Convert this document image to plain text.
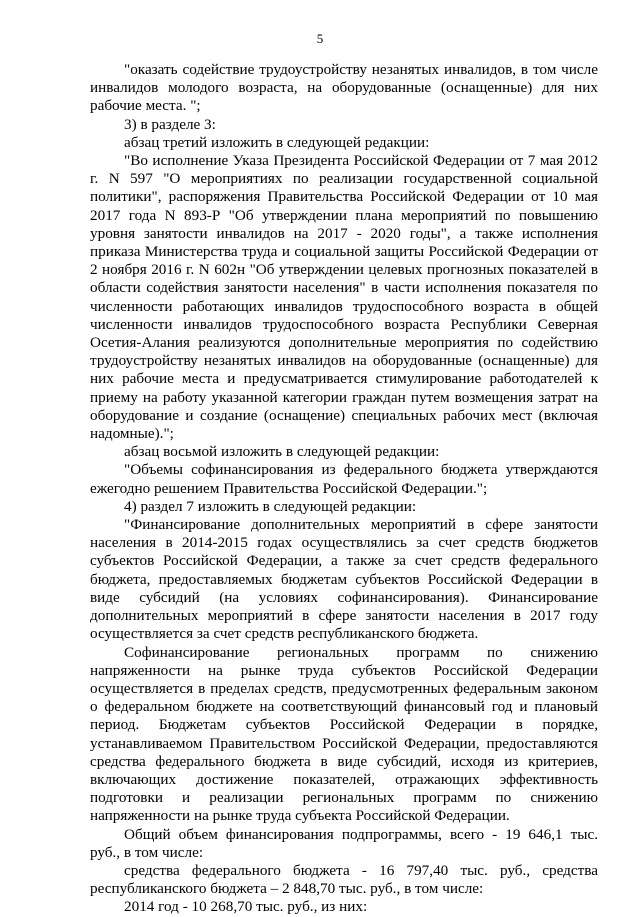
5

"оказать содействие трудоустройству незанятых инвалидов, в том числе инвалидов молодого возраста, на оборудованные (оснащенные) для них рабочие места. ";

3) в разделе 3:

абзац третий изложить в следующей редакции:

"Во исполнение Указа Президента Российской Федерации от 7 мая 2012 г. N 597 "О мероприятиях по реализации государственной социальной политики", распоряжения Правительства Российской Федерации от 10 мая 2017 года N 893-Р "Об утверждении плана мероприятий по повышению уровня занятости инвалидов на 2017 - 2020 годы", а также исполнения приказа Министерства труда и социальной защиты Российской Федерации от 2 ноября 2016 г. N 602н "Об утверждении целевых прогнозных показателей в области содействия занятости населения" в части исполнения показателя по численности работающих инвалидов трудоспособного возраста в общей численности инвалидов трудоспособного возраста Республики Северная Осетия-Алания реализуются дополнительные мероприятия по содействию трудоустройству незанятых инвалидов на оборудованные (оснащенные) для них рабочие места и предусматривается стимулирование работодателей к приему на работу указанной категории граждан путем возмещения затрат на оборудование и создание (оснащение) специальных рабочих мест (включая надомные).";

абзац восьмой изложить в следующей редакции:

"Объемы софинансирования из федерального бюджета утверждаются ежегодно решением Правительства Российской Федерации.";

4) раздел 7 изложить в следующей редакции:

"Финансирование дополнительных мероприятий в сфере занятости населения в 2014-2015 годах осуществлялись за счет средств бюджетов субъектов Российской Федерации, а также за счет средств федерального бюджета, предоставляемых бюджетам субъектов Российской Федерации в виде субсидий (на условиях софинансирования). Финансирование дополнительных мероприятий в сфере занятости населения в 2017 году осуществляется за счет средств республиканского бюджета.

Софинансирование региональных программ по снижению напряженности на рынке труда субъектов Российской Федерации осуществляется в пределах средств, предусмотренных федеральным законом о федеральном бюджете на соответствующий финансовый год и плановый период. Бюджетам субъектов Российской Федерации в порядке, устанавливаемом Правительством Российской Федерации, предоставляются средства федерального бюджета в виде субсидий, исходя из критериев, включающих достижение показателей, отражающих эффективность подготовки и реализации региональных программ по снижению напряженности на рынке труда субъекта Российской Федерации.

Общий объем финансирования подпрограммы, всего - 19 646,1 тыс. руб., в том числе:

средства федерального бюджета - 16 797,40 тыс. руб., средства республиканского бюджета – 2 848,70 тыс. руб., в том числе:

2014 год - 10 268,70 тыс. руб., из них:
